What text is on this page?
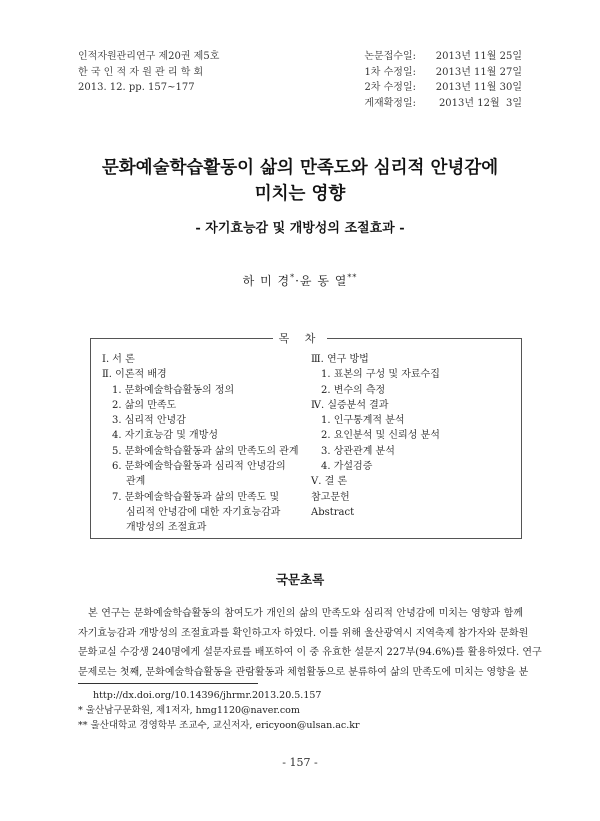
인적자원관리연구 제20권 제5호
한 국 인 적 자 원 관 리 학 회
2013. 12. pp. 157~177
논문접수일:	2013년 11월 25일
1차 수정일:	2013년 11월 27일
2차 수정일:	2013년 11월 30일
게재확정일:	2013년 12월  3일
문화예술학습활동이 삶의 만족도와 심리적 안녕감에
미치는 영향
- 자기효능감 및 개방성의 조절효과 -
하 미 경*·윤 동 열**
목 차
Ⅰ. 서 론
Ⅱ. 이론적 배경
1. 문화예술학습활동의 정의
2. 삶의 만족도
3. 심리적 안녕감
4. 자기효능감 및 개방성
5. 문화예술학습활동과 삶의 만족도의 관계
6. 문화예술학습활동과 심리적 안녕감의
관계
7. 문화예술학습활동과 삶의 만족도 및
심리적 안녕감에 대한 자기효능감과
개방성의 조절효과
Ⅲ. 연구 방법
1. 표본의 구성 및 자료수집
2. 변수의 측정
Ⅳ. 실증분석 결과
1. 인구통계적 분석
2. 요인분석 및 신뢰성 분석
3. 상관관계 분석
4. 가설검증
Ⅴ. 결 론
참고문헌
Abstract
국문초록
본 연구는 문화예술학습활동의 참여도가 개인의 삶의 만족도와 심리적 안녕감에 미치는 영향과 함께
자기효능감과 개방성의 조절효과를 확인하고자 하였다. 이를 위해 울산광역시 지역축제 참가자와 문화원
문화교실 수강생 240명에게 설문자료를 배포하여 이 중 유효한 설문지 227부(94.6%)를 활용하였다. 연구
문제로는 첫째, 문화예술학습활동을 관람활동과 체험활동으로 분류하여 삶의 만족도에 미치는 영향을 분
http://dx.doi.org/10.14396/jhrmr.2013.20.5.157
* 울산남구문화원, 제1저자, hmg1120@naver.com
** 울산대학교 경영학부 조교수, 교신저자, ericyoon@ulsan.ac.kr
- 157 -
